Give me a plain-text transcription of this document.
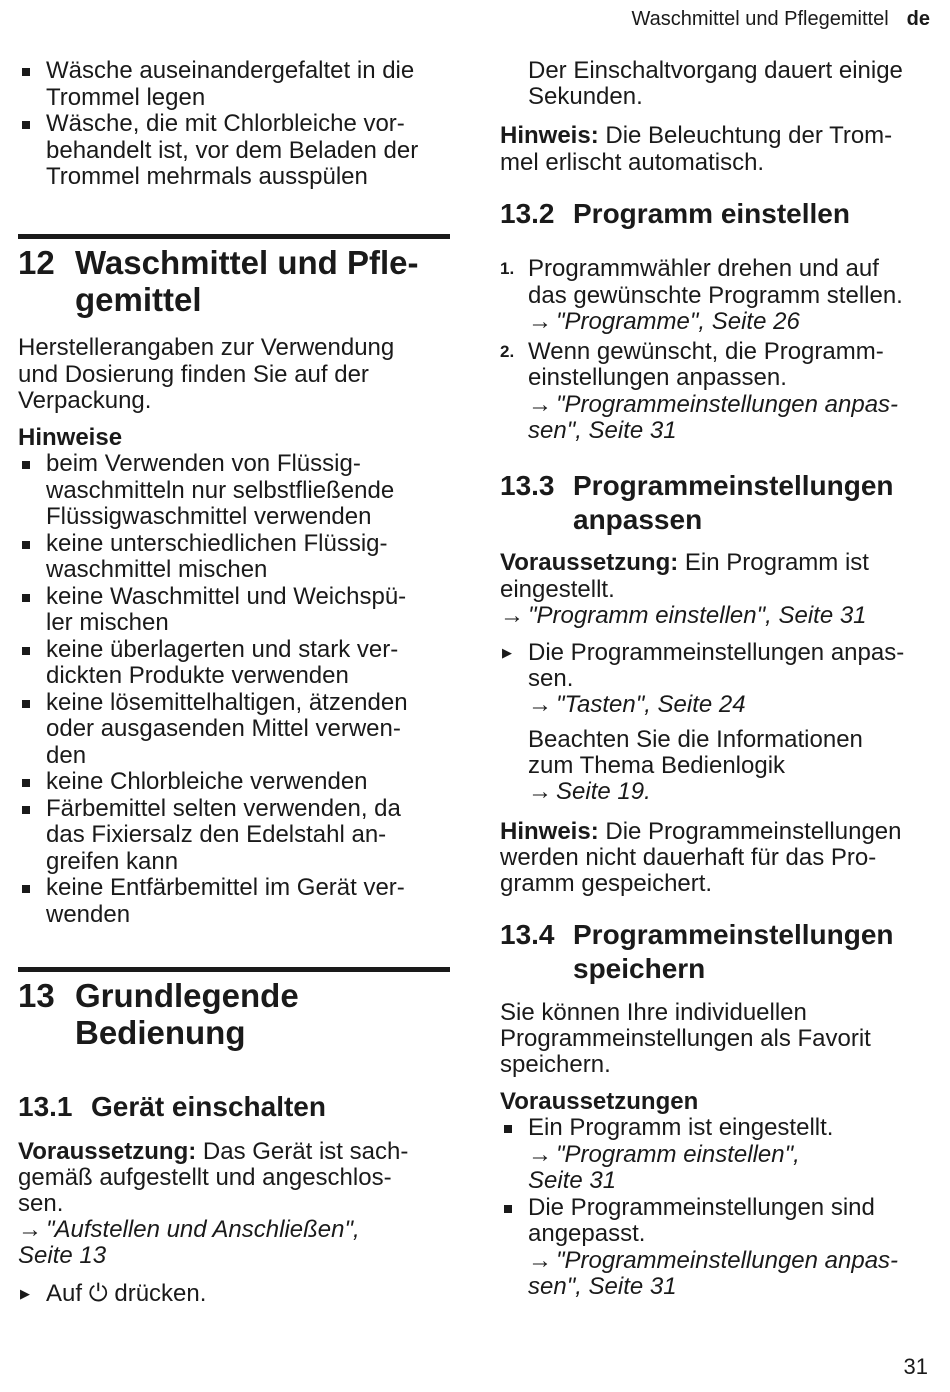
Waschmittel und Pflegemittel de
Wäsche auseinandergefaltet in die
Trommel legen
Wäsche, die mit Chlorbleiche vor-
behandelt ist, vor dem Beladen der
Trommel mehrmals ausspülen
12 Waschmittel und Pfle-
gemittel
Herstellerangaben zur Verwendung
und Dosierung finden Sie auf der
Verpackung.
Hinweise
beim Verwenden von Flüssig-
waschmitteln nur selbstfließende
Flüssigwaschmittel verwenden
keine unterschiedlichen Flüssig-
waschmittel mischen
keine Waschmittel und Weichspü-
ler mischen
keine überlagerten und stark ver-
dickten Produkte verwenden
keine lösemittelhaltigen, ätzenden
oder ausgasenden Mittel verwen-
den
keine Chlorbleiche verwenden
Färbemittel selten verwenden, da
das Fixiersalz den Edelstahl an-
greifen kann
keine Entfärbemittel im Gerät ver-
wenden
13 Grundlegende
Bedienung
13.1 Gerät einschalten
Voraussetzung: Das Gerät ist sach-
gemäß aufgestellt und angeschlos-
sen.
→ "Aufstellen und Anschließen",
Seite 13
▶ Auf ⏻ drücken.
Der Einschaltvorgang dauert einige
Sekunden.
Hinweis: Die Beleuchtung der Trom-
mel erlischt automatisch.
13.2 Programm einstellen
1. Programmwähler drehen und auf
das gewünschte Programm stellen.
→ "Programme", Seite 26
2. Wenn gewünscht, die Programm-
einstellungen anpassen.
→ "Programmeinstellungen anpas-
sen", Seite 31
13.3 Programmeinstellungen
anpassen
Voraussetzung: Ein Programm ist
eingestellt.
→ "Programm einstellen", Seite 31
▶ Die Programmeinstellungen anpas-
sen.
→ "Tasten", Seite 24
Beachten Sie die Informationen
zum Thema Bedienlogik
→ Seite 19.
Hinweis: Die Programmeinstellungen
werden nicht dauerhaft für das Pro-
gramm gespeichert.
13.4 Programmeinstellungen
speichern
Sie können Ihre individuellen
Programmeinstellungen als Favorit
speichern.
Voraussetzungen
Ein Programm ist eingestellt.
→ "Programm einstellen",
Seite 31
Die Programmeinstellungen sind
angepasst.
→ "Programmeinstellungen anpas-
sen", Seite 31
31
